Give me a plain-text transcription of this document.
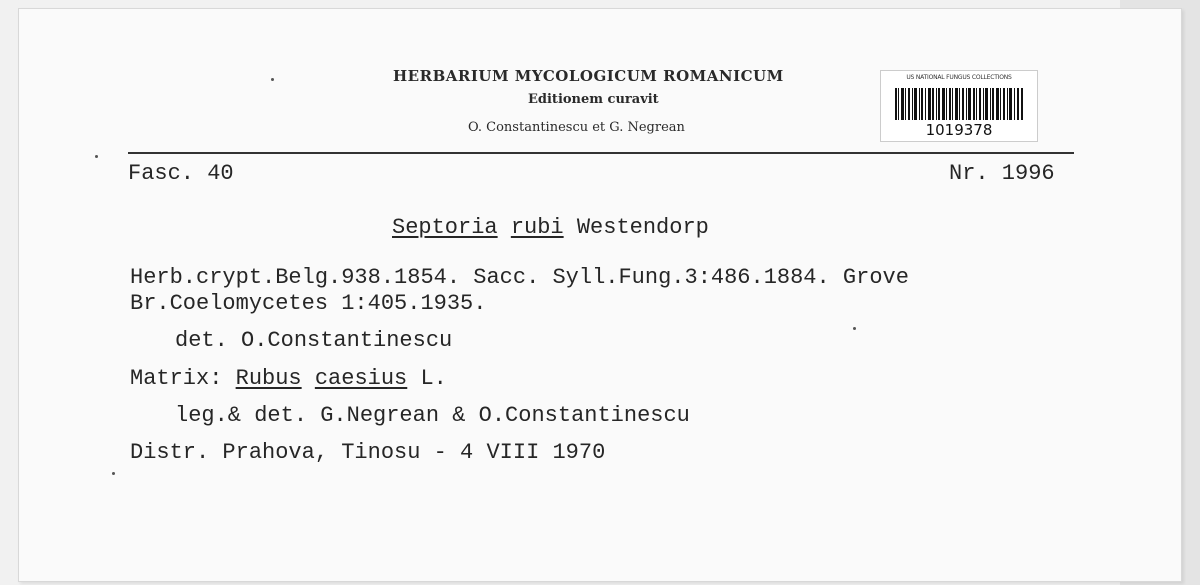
HERBARIUM MYCOLOGICUM ROMANICUM
Editionem curavit
O. Constantinescu et G. Negrean
US NATIONAL FUNGUS COLLECTIONS
1019378
Fasc. 40	Nr. 1996
Septoria rubi Westendorp
Herb.crypt.Belg.938.1854. Sacc. Syll.Fung.3:486.1884. Grove
Br.Coelomycetes 1:405.1935.
det. O.Constantinescu
Matrix: Rubus caesius L.
leg.& det. G.Negrean & O.Constantinescu
Distr. Prahova, Tinosu - 4 VIII 1970
